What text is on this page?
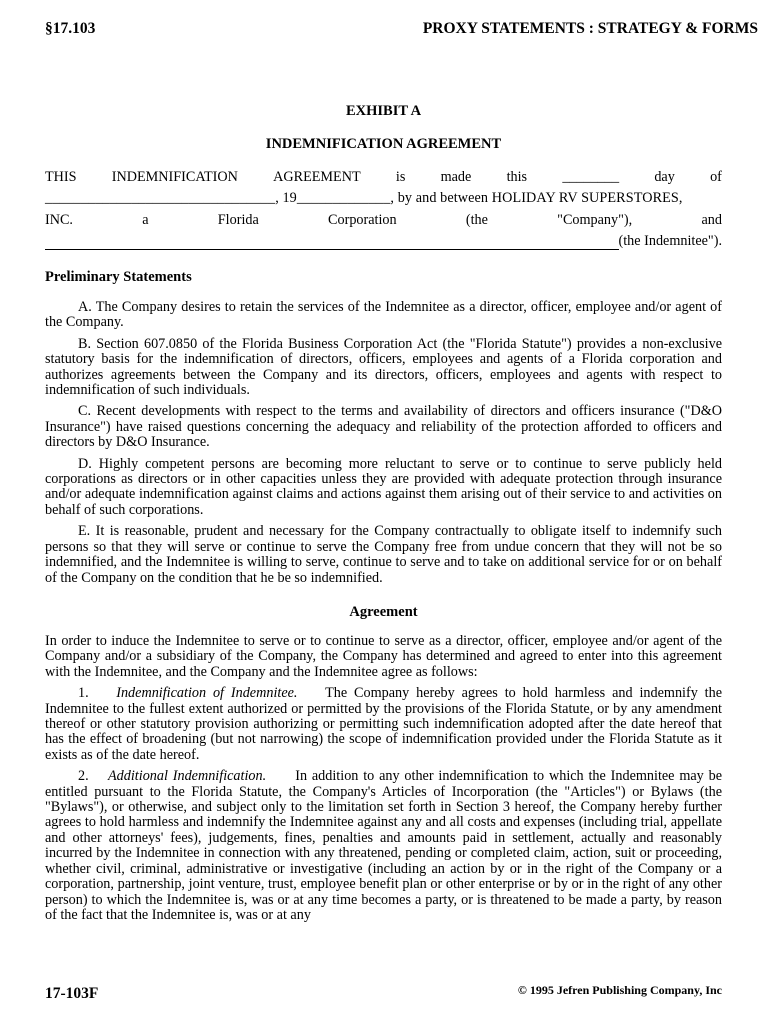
§17.103	PROXY STATEMENTS : STRATEGY & FORMS
EXHIBIT A
INDEMNIFICATION AGREEMENT
THIS INDEMNIFICATION AGREEMENT is made this ________ day of
________________________________, 19_____________, by and between HOLIDAY RV SUPERSTORES,
INC.	a	Florida	Corporation	(the	"Company"),	and
(the Indemnitee").
Preliminary Statements

A. The Company desires to retain the services of the Indemnitee as a director, officer, employee and/or agent of the Company.

B. Section 607.0850 of the Florida Business Corporation Act (the "Florida Statute") provides a non-exclusive statutory basis for the indemnification of directors, officers, employees and agents of a Florida corporation and authorizes agreements between the Company and its directors, officers, employees and agents with respect to indemnification of such individuals.

C. Recent developments with respect to the terms and availability of directors and officers insurance ("D&O Insurance") have raised questions concerning the adequacy and reliability of the protection afforded to officers and directors by D&O Insurance.

D. Highly competent persons are becoming more reluctant to serve or to continue to serve publicly held corporations as directors or in other capacities unless they are provided with adequate protection through insurance and/or adequate indemnification against claims and actions against them arising out of their service to and activities on behalf of such corporations.

E. It is reasonable, prudent and necessary for the Company contractually to obligate itself to indemnify such persons so that they will serve or continue to serve the Company free from undue concern that they will not be so indemnified, and the Indemnitee is willing to serve, continue to serve and to take on additional service for or on behalf of the Company on the condition that he be so indemnified.

Agreement

In order to induce the Indemnitee to serve or to continue to serve as a director, officer, employee and/or agent of the Company and/or a subsidiary of the Company, the Company has determined and agreed to enter into this agreement with the Indemnitee, and the Company and the Indemnitee agree as follows:

1. Indemnification of Indemnitee. The Company hereby agrees to hold harmless and indemnify the Indemnitee to the fullest extent authorized or permitted by the provisions of the Florida Statute, or by any amendment thereof or other statutory provision authorizing or permitting such indemnification adopted after the date hereof that has the effect of broadening (but not narrowing) the scope of indemnification provided under the Florida Statute as it exists as of the date hereof.

2. Additional Indemnification. In addition to any other indemnification to which the Indemnitee may be entitled pursuant to the Florida Statute, the Company's Articles of Incorporation (the "Articles") or Bylaws (the "Bylaws"), or otherwise, and subject only to the limitation set forth in Section 3 hereof, the Company hereby further agrees to hold harmless and indemnify the Indemnitee against any and all costs and expenses (including trial, appellate and other attorneys' fees), judgements, fines, penalties and amounts paid in settlement, actually and reasonably incurred by the Indemnitee in connection with any threatened, pending or completed claim, action, suit or proceeding, whether civil, criminal, administrative or investigative (including an action by or in the right of the Company or a corporation, partnership, joint venture, trust, employee benefit plan or other enterprise or by or in the right of any other person) to which the Indemnitee is, was or at any time becomes a party, or is threatened to be made a party, by reason of the fact that the Indemnitee is, was or at any

17-103F	© 1995 Jefren Publishing Company, Inc
